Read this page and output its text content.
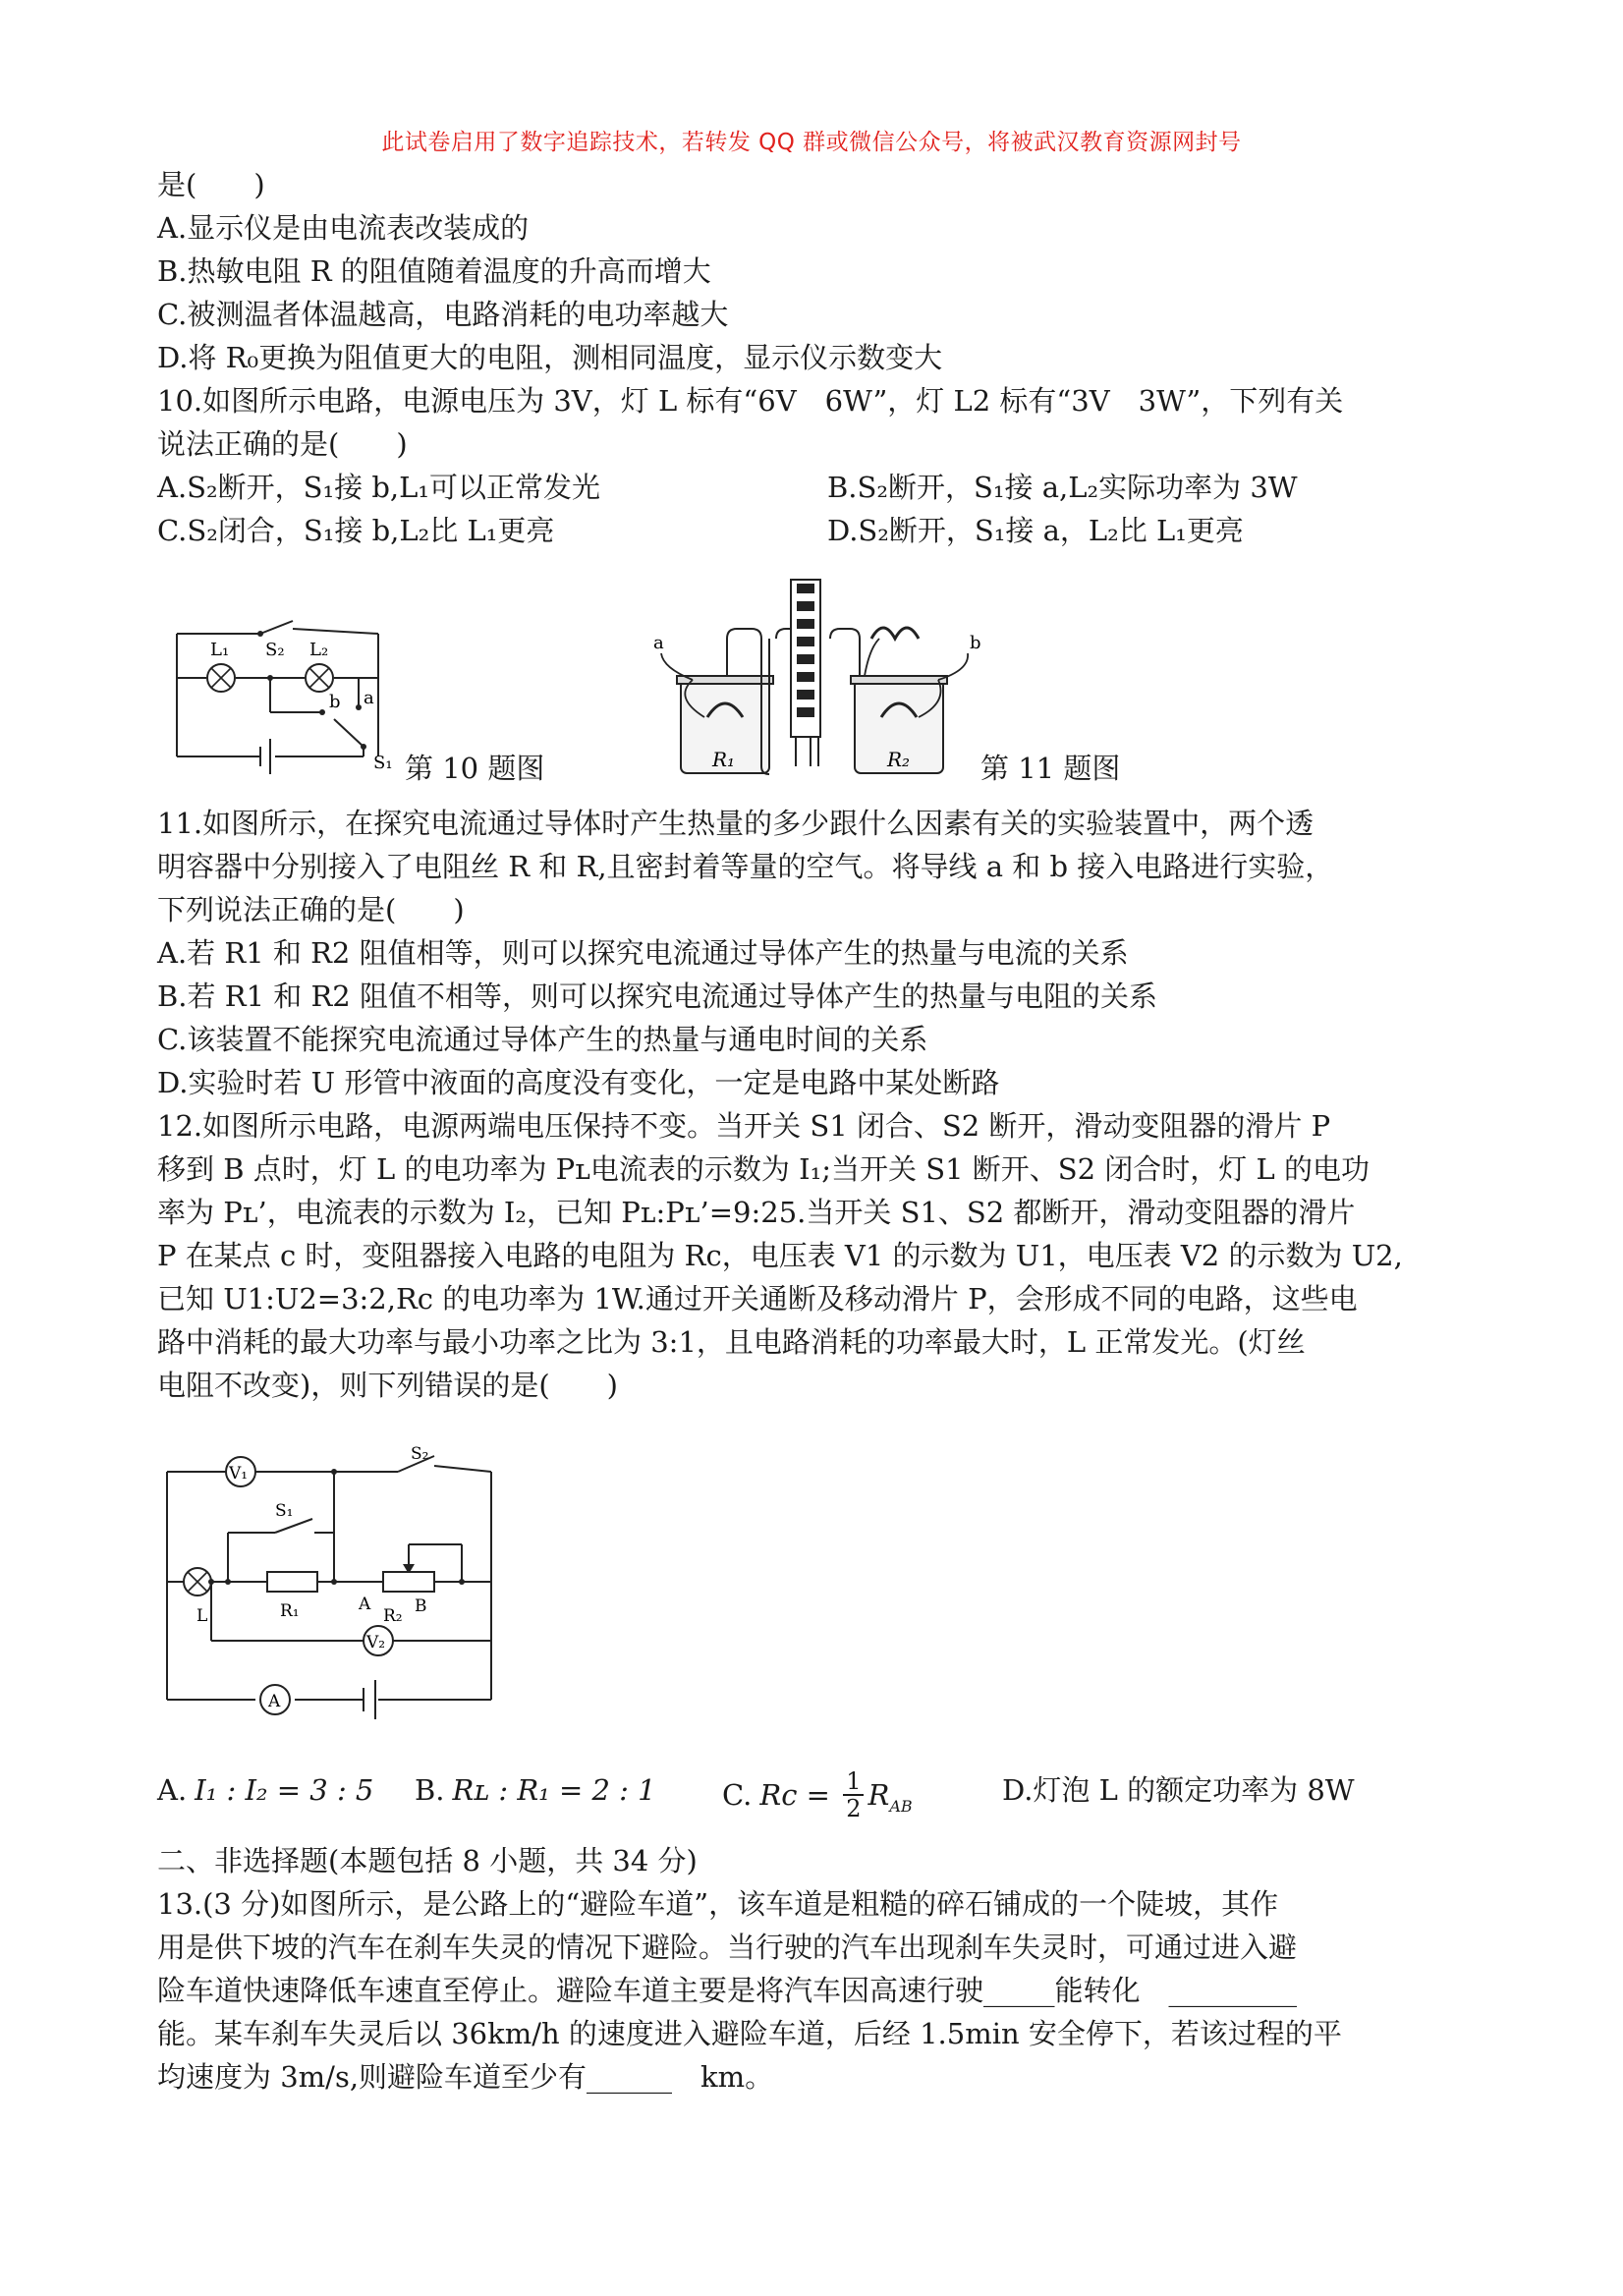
此试卷启用了数字追踪技术，若转发 QQ 群或微信公众号，将被武汉教育资源网封号
是(　　)
A.显示仪是由电流表改装成的
B.热敏电阻 R 的阻值随着温度的升高而增大
C.被测温者体温越高，电路消耗的电功率越大
D.将 R₀更换为阻值更大的电阻，测相同温度，显示仪示数变大
10.如图所示电路，电源电压为 3V，灯 L 标有“6V　6W”，灯 L2 标有“3V　3W”，下列有关
说法正确的是(　　)
A.S₂断开，S₁接 b,L₁可以正常发光	B.S₂断开，S₁接 a,L₂实际功率为 3W
C.S₂闭合，S₁接 b,L₂比 L₁更亮	D.S₂断开，S₁接 a，L₂比 L₁更亮
L₁ S₂ L₂
b a
S₁ 第 10 题图
a	b
R₁	R₂ 第 11 题图
11.如图所示，在探究电流通过导体时产生热量的多少跟什么因素有关的实验装置中，两个透
明容器中分别接入了电阻丝 R 和 R,且密封着等量的空气。将导线 a 和 b 接入电路进行实验，
下列说法正确的是(　　)
A.若 R1 和 R2 阻值相等，则可以探究电流通过导体产生的热量与电流的关系
B.若 R1 和 R2 阻值不相等，则可以探究电流通过导体产生的热量与电阻的关系
C.该装置不能探究电流通过导体产生的热量与通电时间的关系
D.实验时若 U 形管中液面的高度没有变化，一定是电路中某处断路
12.如图所示电路，电源两端电压保持不变。当开关 S1 闭合、S2 断开，滑动变阻器的滑片 P
移到 B 点时，灯 L 的电功率为 Pʟ电流表的示数为 I₁;当开关 S1 断开、S2 闭合时，灯 L 的电功
率为 Pʟ’，电流表的示数为 I₂，已知 Pʟ:Pʟ’=9:25.当开关 S1、S2 都断开，滑动变阻器的滑片
P 在某点 c 时，变阻器接入电路的电阻为 Rc，电压表 V1 的示数为 U1，电压表 V2 的示数为 U2,
已知 U1:U2=3:2,Rc 的电功率为 1W.通过开关通断及移动滑片 P，会形成不同的电路，这些电
路中消耗的最大功率与最小功率之比为 3:1，且电路消耗的功率最大时，L 正常发光。(灯丝
电阻不改变)，则下列错误的是(　　)
V₁
V₂
A
S₂
S₁
L	R₁	A
R₂ B
A. I₁ : I₂ = 3 : 5 B. Rʟ : R₁ = 2 : 1 C. $Rc = \frac{1}{2} R_{AB}$	D.灯泡 L 的额定功率为 8W
二、非选择题(本题包括 8 小题，共 34 分)
13.(3 分)如图所示，是公路上的“避险车道”，该车道是粗糙的碎石铺成的一个陡坡，其作
用是供下坡的汽车在刹车失灵的情况下避险。当行驶的汽车出现刹车失灵时，可通过进入避
险车道快速降低车速直至停止。避险车道主要是将汽车因高速行驶_____能转化　_________
能。某车刹车失灵后以 36km/h 的速度进入避险车道，后经 1.5min 安全停下，若该过程的平
均速度为 3m/s,则避险车道至少有______　km。
